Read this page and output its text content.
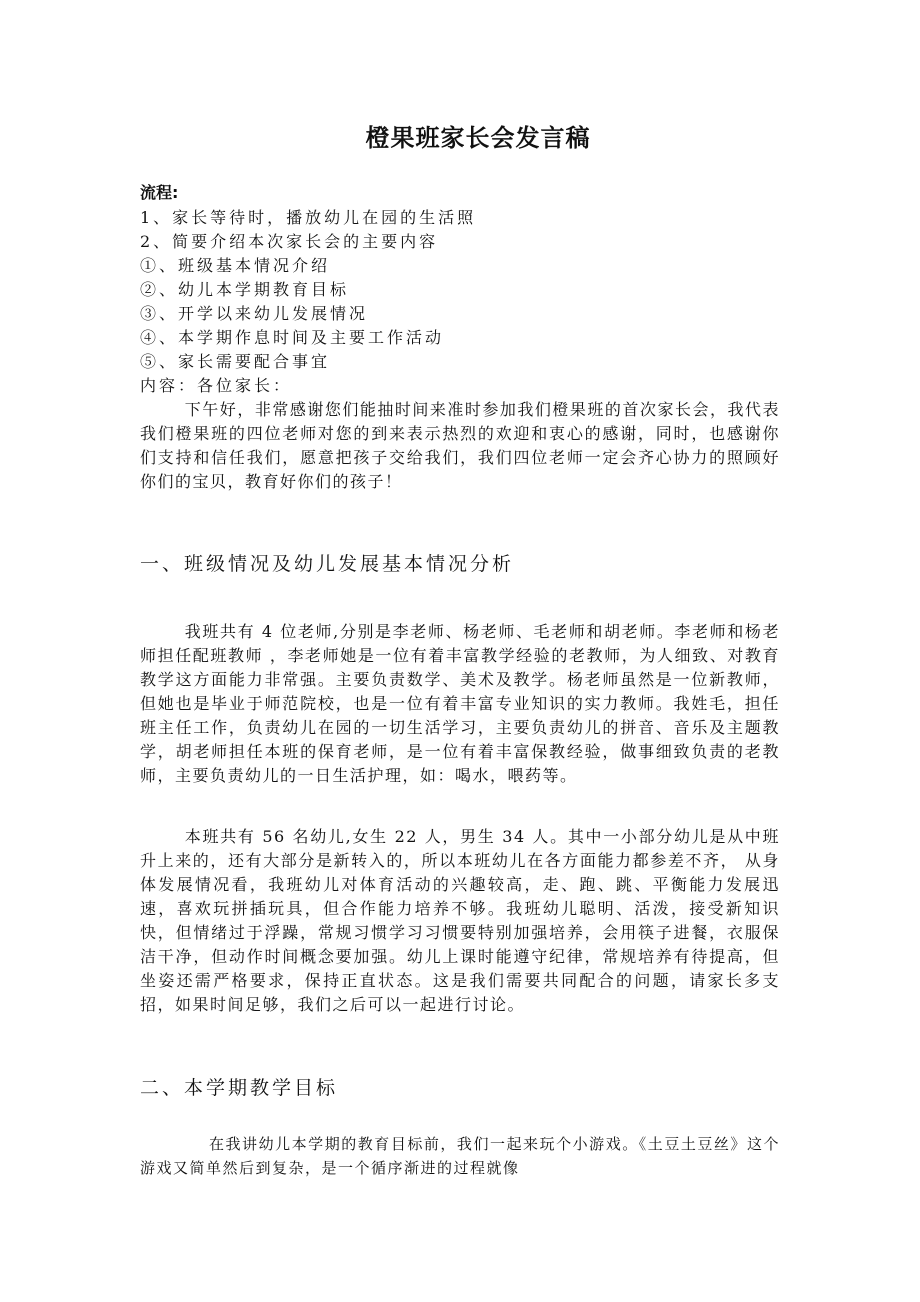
橙果班家长会发言稿
流程:
1、家长等待时，播放幼儿在园的生活照
2、简要介绍本次家长会的主要内容
①、班级基本情况介绍
②、幼儿本学期教育目标
③、开学以来幼儿发展情况
④、本学期作息时间及主要工作活动
⑤、家长需要配合事宜
内容：各位家长：

下午好，非常感谢您们能抽时间来准时参加我们橙果班的首次家长会，我代表我们橙果班的四位老师对您的到来表示热烈的欢迎和衷心的感谢，同时，也感谢你们支持和信任我们，愿意把孩子交给我们，我们四位老师一定会齐心协力的照顾好你们的宝贝，教育好你们的孩子！

一、班级情况及幼儿发展基本情况分析

我班共有 4 位老师,分别是李老师、杨老师、毛老师和胡老师。李老师和杨老师担任配班教师 ，李老师她是一位有着丰富教学经验的老教师，为人细致、对教育教学这方面能力非常强。主要负责数学、美术及教学。杨老师虽然是一位新教师，但她也是毕业于师范院校，也是一位有着丰富专业知识的实力教师。我姓毛，担任班主任工作，负责幼儿在园的一切生活学习，主要负责幼儿的拼音、音乐及主题教学，胡老师担任本班的保育老师，是一位有着丰富保教经验，做事细致负责的老教师，主要负责幼儿的一日生活护理，如：喝水，喂药等。

本班共有 56 名幼儿,女生 22 人，男生 34 人。其中一小部分幼儿是从中班升上来的，还有大部分是新转入的，所以本班幼儿在各方面能力都参差不齐， 从身体发展情况看，我班幼儿对体育活动的兴趣较高，走、跑、跳、平衡能力发展迅速，喜欢玩拼插玩具，但合作能力培养不够。我班幼儿聪明、活泼，接受新知识快，但情绪过于浮躁，常规习惯学习习惯要特别加强培养，会用筷子进餐，衣服保洁干净，但动作时间概念要加强。幼儿上课时能遵守纪律，常规培养有待提高，但坐姿还需严格要求，保持正直状态。这是我们需要共同配合的问题，请家长多支招，如果时间足够，我们之后可以一起进行讨论。

二、本学期教学目标

在我讲幼儿本学期的教育目标前，我们一起来玩个小游戏。《土豆土豆丝》这个游戏又简单然后到复杂，是一个循序渐进的过程就像
